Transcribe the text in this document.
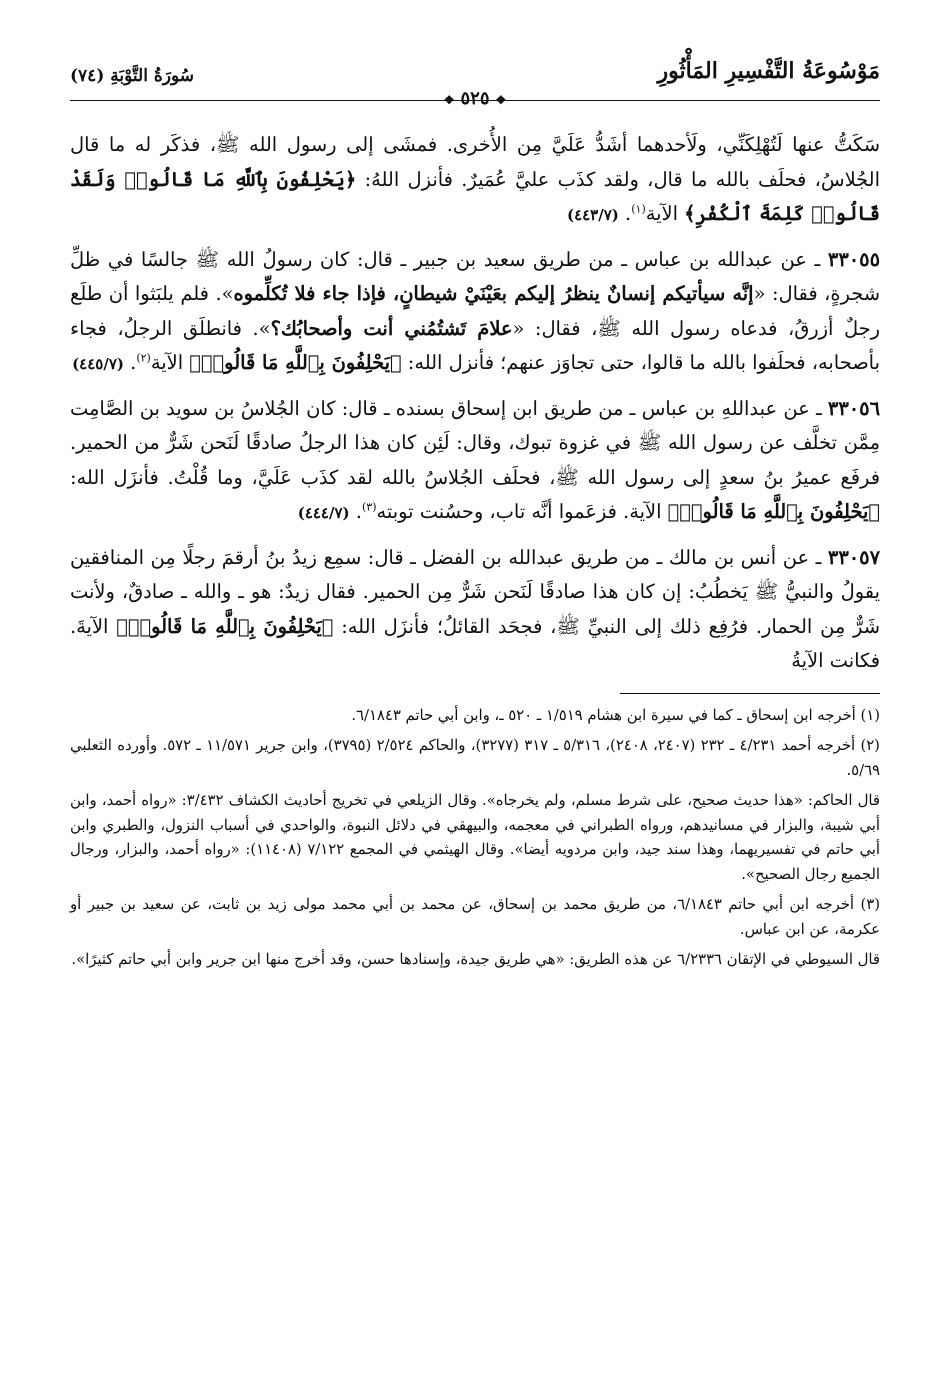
مَوْسُوعَةُ التَّفْسِيرِ المَأْثُورِ
سُورَةُ التَّوْبَةِ (٧٤)
❖٥٢٥❖

سَكَتُّ عنها لَتُهْلِكَنِّي، ولَأحدهما أشَدُّ عَلَيَّ مِن الأُخرى. فمشَى إلى رسول الله ﷺ، فذكَر له ما قال الجُلاسُ، فحلَف بالله ما قال، ولقد كذَب عليَّ عُمَيرٌ. فأنزل اللهُ: ﴿يَحْلِفُونَ بِٱللَّهِ مَا قَالُوا۟ وَلَقَدْ قَالُوا۟ كَلِمَةَ ٱلْكُفْرِ﴾ الآية$^{(١)}$. (٤٤٣/٧)

٣٣٠٥٥ ـ عن عبدالله بن عباس ـ من طريق سعيد بن جبير ـ قال: كان رسولُ الله ﷺ جالسًا في ظلِّ شجرةٍ، فقال: «إنَّه سيأتيكم إنسانٌ ينظرُ إليكم بعَيْنَيْ شيطانٍ، فإذا جاء فلا تُكلِّموه». فلم يلبَثوا أن طلَع رجلٌ أزرقُ، فدعاه رسول الله ﷺ، فقال: «علامَ تَشتُمُني أنت وأصحابُك؟». فانطلَق الرجلُ، فجاء بأصحابه، فحلَفوا بالله ما قالوا، حتى تجاوَز عنهم؛ فأنزل الله: ﴿يَحْلِفُونَ بِٱللَّهِ مَا قَالُوا۟﴾ الآية$^{(٢)}$. (٤٤٥/٧)

٣٣٠٥٦ ـ عن عبداللهِ بن عباس ـ من طريق ابن إسحاق بسنده ـ قال: كان الجُلاسُ بن سويد بن الصَّامِت مِمَّن تخلَّف عن رسول الله ﷺ في غزوة تبوك، وقال: لَئِن كان هذا الرجلُ صادقًا لَنَحن شَرٌّ من الحمير. فرفَع عميرُ بنُ سعدٍ إلى رسول الله ﷺ، فحلَف الجُلاسُ بالله لقد كذَب عَلَيَّ، وما قُلْتُ. فأنزَل الله: ﴿يَحْلِفُونَ بِٱللَّهِ مَا قَالُوا۟﴾ الآية. فزعَموا أنَّه تاب، وحسُنت توبته$^{(٣)}$. (٤٤٤/٧)

٣٣٠٥٧ ـ عن أنس بن مالك ـ من طريق عبدالله بن الفضل ـ قال: سمِع زيدُ بنُ أرقمَ رجلًا مِن المنافقين يقولُ والنبيُّ ﷺ يَخطُبُ: إن كان هذا صادقًا لَنَحن شَرٌّ مِن الحمير. فقال زيدٌ: هو ـ والله ـ صادقٌ، ولأنت شَرٌّ مِن الحمار. فرُفِع ذلك إلى النبيِّ ﷺ، فجحَد القائلُ؛ فأنزَل الله: ﴿يَحْلِفُونَ بِٱللَّهِ مَا قَالُوا۟﴾ الآيةَ. فكانت الآيةُ

(١) أخرجه ابن إسحاق ـ كما في سيرة ابن هشام ١/٥١٩ ـ ٥٢٠ ـ، وابن أبي حاتم ٦/١٨٤٣.

(٢) أخرجه أحمد ٤/٢٣١ ـ ٢٣٢ (٢٤٠٧، ٢٤٠٨)، ٥/٣١٦ ـ ٣١٧ (٣٢٧٧)، والحاكم ٢/٥٢٤ (٣٧٩٥)، وابن جرير ١١/٥٧١ ـ ٥٧٢. وأورده الثعلبي ٥/٦٩.

قال الحاكم: «هذا حديث صحيح، على شرط مسلم، ولم يخرجاه». وقال الزيلعي في تخريج أحاديث الكشاف ٣/٤٣٢: «رواه أحمد، وابن أبي شيبة، والبزار في مسانيدهم، ورواه الطبراني في معجمه، والبيهقي في دلائل النبوة، والواحدي في أسباب النزول، والطبري وابن أبي حاتم في تفسيريهما، وهذا سند جيد، وابن مردويه أيضا». وقال الهيثمي في المجمع ٧/١٢٢ (١١٤٠٨): «رواه أحمد، والبزار، ورجال الجميع رجال الصحيح».

(٣) أخرجه ابن أبي حاتم ٦/١٨٤٣، من طريق محمد بن إسحاق، عن محمد بن أبي محمد مولى زيد بن ثابت، عن سعيد بن جبير أو عكرمة، عن ابن عباس.

قال السيوطي في الإتقان ٦/٢٣٣٦ عن هذه الطريق: «هي طريق جيدة، وإسنادها حسن، وقد أخرج منها ابن جرير وابن أبي حاتم كثيرًا».
